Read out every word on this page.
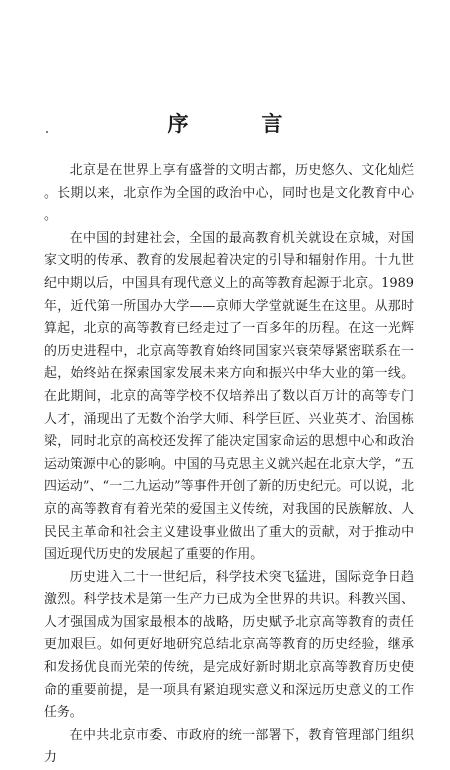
序　言

北京是在世界上享有盛誉的文明古都，历史悠久、文化灿烂。长期以来，北京作为全国的政治中心，同时也是文化教育中心。

在中国的封建社会，全国的最高教育机关就设在京城，对国家文明的传承、教育的发展起着决定的引导和辐射作用。十九世纪中期以后，中国具有现代意义上的高等教育起源于北京。1989年，近代第一所国办大学——京师大学堂就诞生在这里。从那时算起，北京的高等教育已经走过了一百多年的历程。在这一光辉的历史进程中，北京高等教育始终同国家兴衰荣辱紧密联系在一起，始终站在探索国家发展未来方向和振兴中华大业的第一线。在此期间，北京的高等学校不仅培养出了数以百万计的高等专门人才，涌现出了无数个治学大师、科学巨匠、兴业英才、治国栋梁，同时北京的高校还发挥了能决定国家命运的思想中心和政治运动策源中心的影响。中国的马克思主义就兴起在北京大学，“五四运动”、“一二九运动”等事件开创了新的历史纪元。可以说，北京的高等教育有着光荣的爱国主义传统，对我国的民族解放、人民民主革命和社会主义建设事业做出了重大的贡献，对于推动中国近现代历史的发展起了重要的作用。

历史进入二十一世纪后，科学技术突飞猛进，国际竞争日趋激烈。科学技术是第一生产力已成为全世界的共识。科教兴国、人才强国成为国家最根本的战略，历史赋予北京高等教育的责任更加艰巨。如何更好地研究总结北京高等教育的历史经验，继承和发扬优良而光荣的传统，是完成好新时期北京高等教育历史使命的重要前提，是一项具有紧迫现实意义和深远历史意义的工作任务。

在中共北京市委、市政府的统一部署下，教育管理部门组织力
